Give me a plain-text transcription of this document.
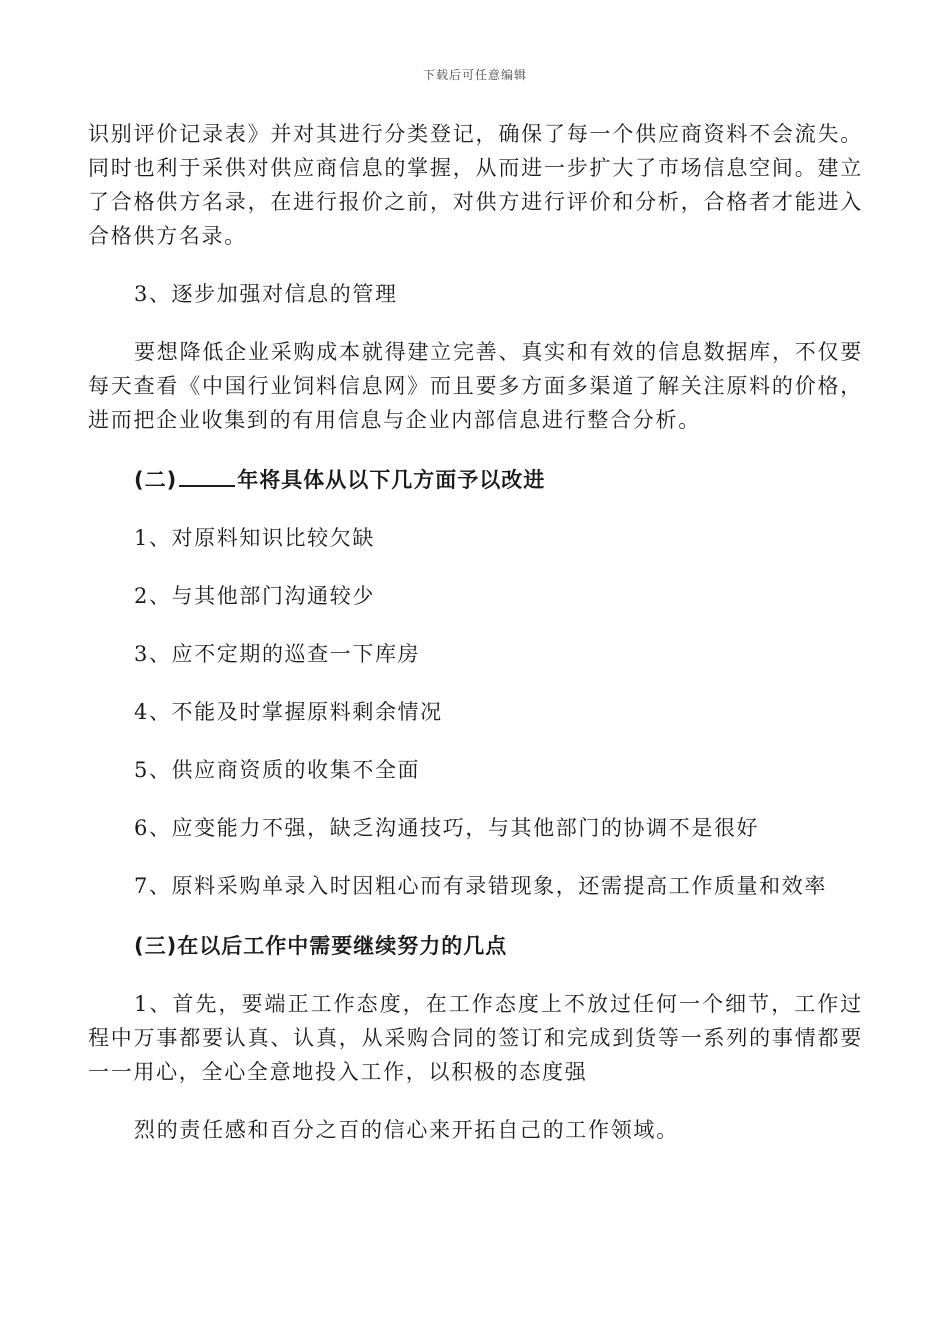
下载后可任意编辑

识别评价记录表》并对其进行分类登记，确保了每一个供应商资料不会流失。同时也利于采供对供应商信息的掌握，从而进一步扩大了市场信息空间。建立了合格供方名录，在进行报价之前，对供方进行评价和分析，合格者才能进入合格供方名录。

3、逐步加强对信息的管理

要想降低企业采购成本就得建立完善、真实和有效的信息数据库，不仅要每天查看《中国行业饲料信息网》而且要多方面多渠道了解关注原料的价格，进而把企业收集到的有用信息与企业内部信息进行整合分析。

(二)	年将具体从以下几方面予以改进

1、对原料知识比较欠缺

2、与其他部门沟通较少

3、应不定期的巡查一下库房

4、不能及时掌握原料剩余情况

5、供应商资质的收集不全面

6、应变能力不强，缺乏沟通技巧，与其他部门的协调不是很好

7、原料采购单录入时因粗心而有录错现象，还需提高工作质量和效率

(三)在以后工作中需要继续努力的几点

1、首先，要端正工作态度，在工作态度上不放过任何一个细节，工作过程中万事都要认真、认真，从采购合同的签订和完成到货等一系列的事情都要一一用心，全心全意地投入工作，以积极的态度强

烈的责任感和百分之百的信心来开拓自己的工作领域。
